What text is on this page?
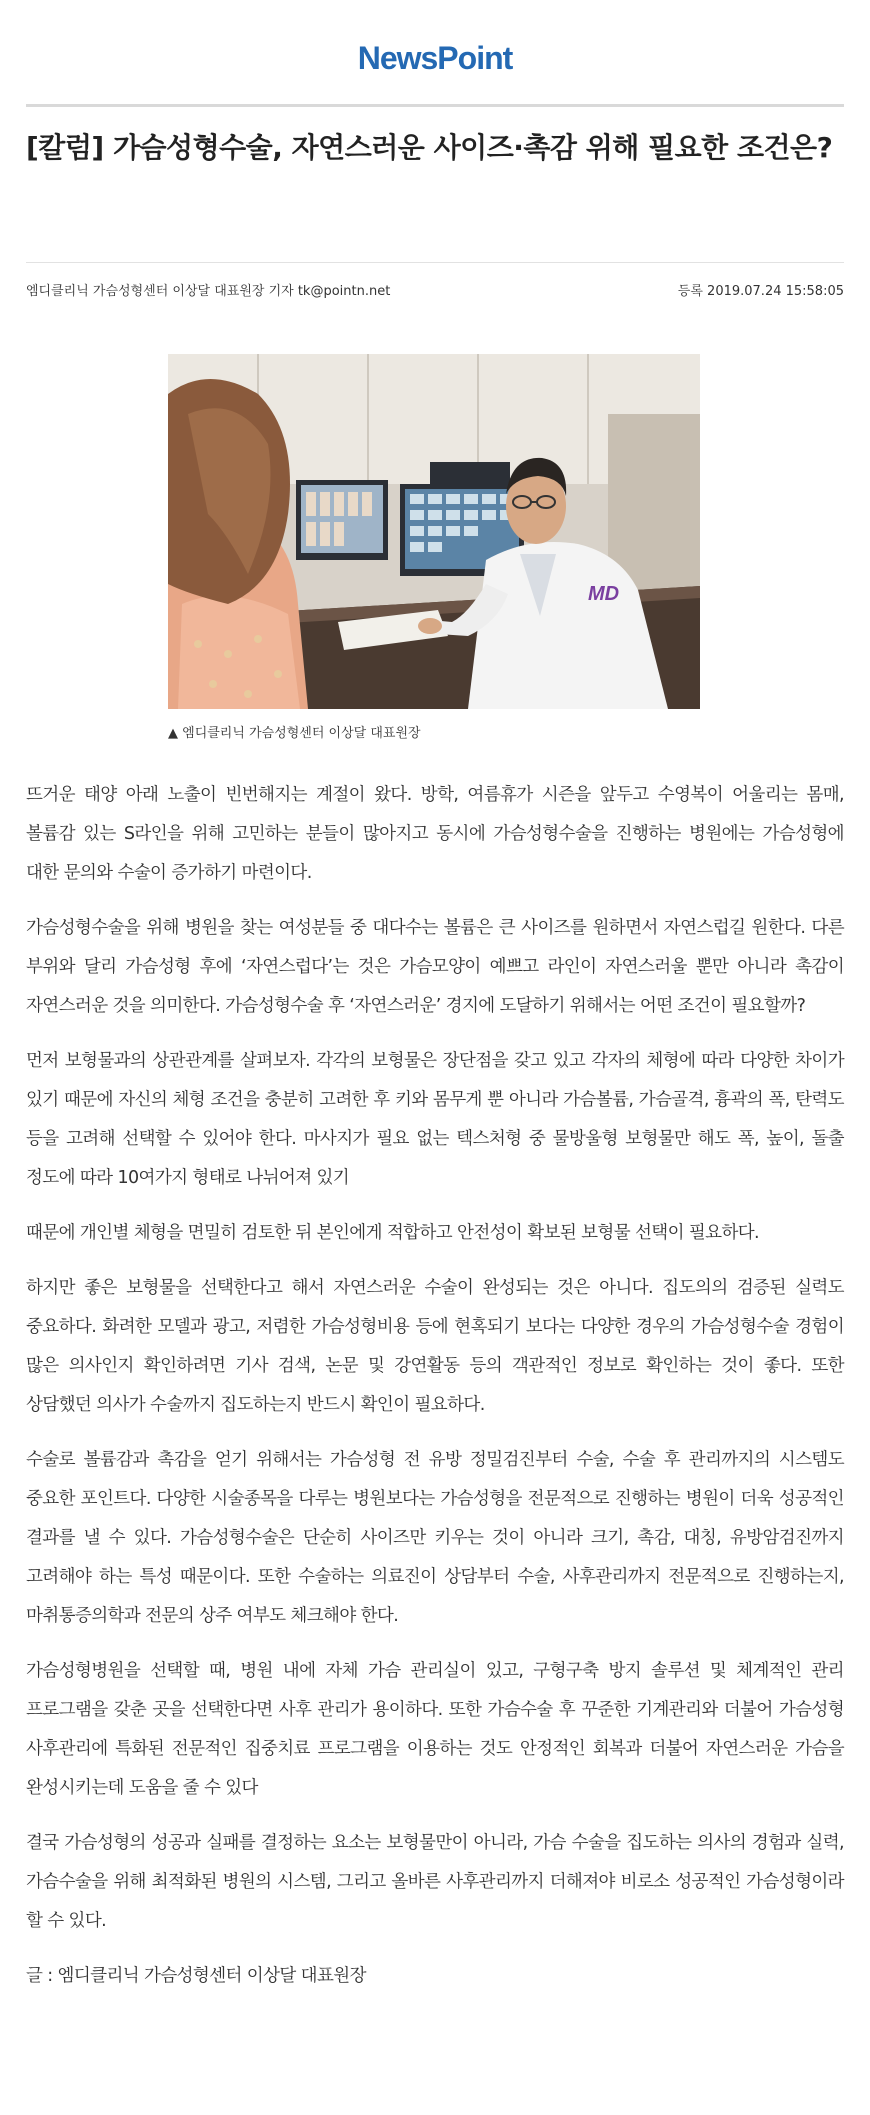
NewsPoint
[칼럼] 가슴성형수술, 자연스러운 사이즈·촉감 위해 필요한 조건은?
엠디클리닉 가슴성형센터 이상달 대표원장 기자 tk@pointn.net	등록 2019.07.24 15:58:05
MD
▲ 엠디클리닉 가슴성형센터 이상달 대표원장

뜨거운 태양 아래 노출이 빈번해지는 계절이 왔다. 방학, 여름휴가 시즌을 앞두고 수영복이 어울리는 몸매, 볼륨감 있는 S라인을 위해 고민하는 분들이 많아지고 동시에 가슴성형수술을 진행하는 병원에는 가슴성형에 대한 문의와 수술이 증가하기 마련이다.

가슴성형수술을 위해 병원을 찾는 여성분들 중 대다수는 볼륨은 큰 사이즈를 원하면서 자연스럽길 원한다. 다른 부위와 달리 가슴성형 후에 ‘자연스럽다’는 것은 가슴모양이 예쁘고 라인이 자연스러울 뿐만 아니라 촉감이 자연스러운 것을 의미한다. 가슴성형수술 후 ‘자연스러운’ 경지에 도달하기 위해서는 어떤 조건이 필요할까?

먼저 보형물과의 상관관계를 살펴보자. 각각의 보형물은 장단점을 갖고 있고 각자의 체형에 따라 다양한 차이가 있기 때문에 자신의 체형 조건을 충분히 고려한 후 키와 몸무게 뿐 아니라 가슴볼륨, 가슴골격, 흉곽의 폭, 탄력도 등을 고려해 선택할 수 있어야 한다. 마사지가 필요 없는 텍스처형 중 물방울형 보형물만 해도 폭, 높이, 돌출 정도에 따라 10여가지 형태로 나뉘어져 있기

때문에 개인별 체형을 면밀히 검토한 뒤 본인에게 적합하고 안전성이 확보된 보형물 선택이 필요하다.

하지만 좋은 보형물을 선택한다고 해서 자연스러운 수술이 완성되는 것은 아니다. 집도의의 검증된 실력도 중요하다. 화려한 모델과 광고, 저렴한 가슴성형비용 등에 현혹되기 보다는 다양한 경우의 가슴성형수술 경험이 많은 의사인지 확인하려면 기사 검색, 논문 및 강연활동 등의 객관적인 정보로 확인하는 것이 좋다. 또한 상담했던 의사가 수술까지 집도하는지 반드시 확인이 필요하다.

수술로 볼륨감과 촉감을 얻기 위해서는 가슴성형 전 유방 정밀검진부터 수술, 수술 후 관리까지의 시스템도 중요한 포인트다. 다양한 시술종목을 다루는 병원보다는 가슴성형을 전문적으로 진행하는 병원이 더욱 성공적인 결과를 낼 수 있다. 가슴성형수술은 단순히 사이즈만 키우는 것이 아니라 크기, 촉감, 대칭, 유방암검진까지 고려해야 하는 특성 때문이다. 또한 수술하는 의료진이 상담부터 수술, 사후관리까지 전문적으로 진행하는지, 마취통증의학과 전문의 상주 여부도 체크해야 한다.

가슴성형병원을 선택할 때, 병원 내에 자체 가슴 관리실이 있고, 구형구축 방지 솔루션 및 체계적인 관리 프로그램을 갖춘 곳을 선택한다면 사후 관리가 용이하다. 또한 가슴수술 후 꾸준한 기계관리와 더불어 가슴성형 사후관리에 특화된 전문적인 집중치료 프로그램을 이용하는 것도 안정적인 회복과 더불어 자연스러운 가슴을 완성시키는데 도움을 줄 수 있다

결국 가슴성형의 성공과 실패를 결정하는 요소는 보형물만이 아니라, 가슴 수술을 집도하는 의사의 경험과 실력, 가슴수술을 위해 최적화된 병원의 시스템, 그리고 올바른 사후관리까지 더해져야 비로소 성공적인 가슴성형이라 할 수 있다.

글 : 엠디클리닉 가슴성형센터 이상달 대표원장
